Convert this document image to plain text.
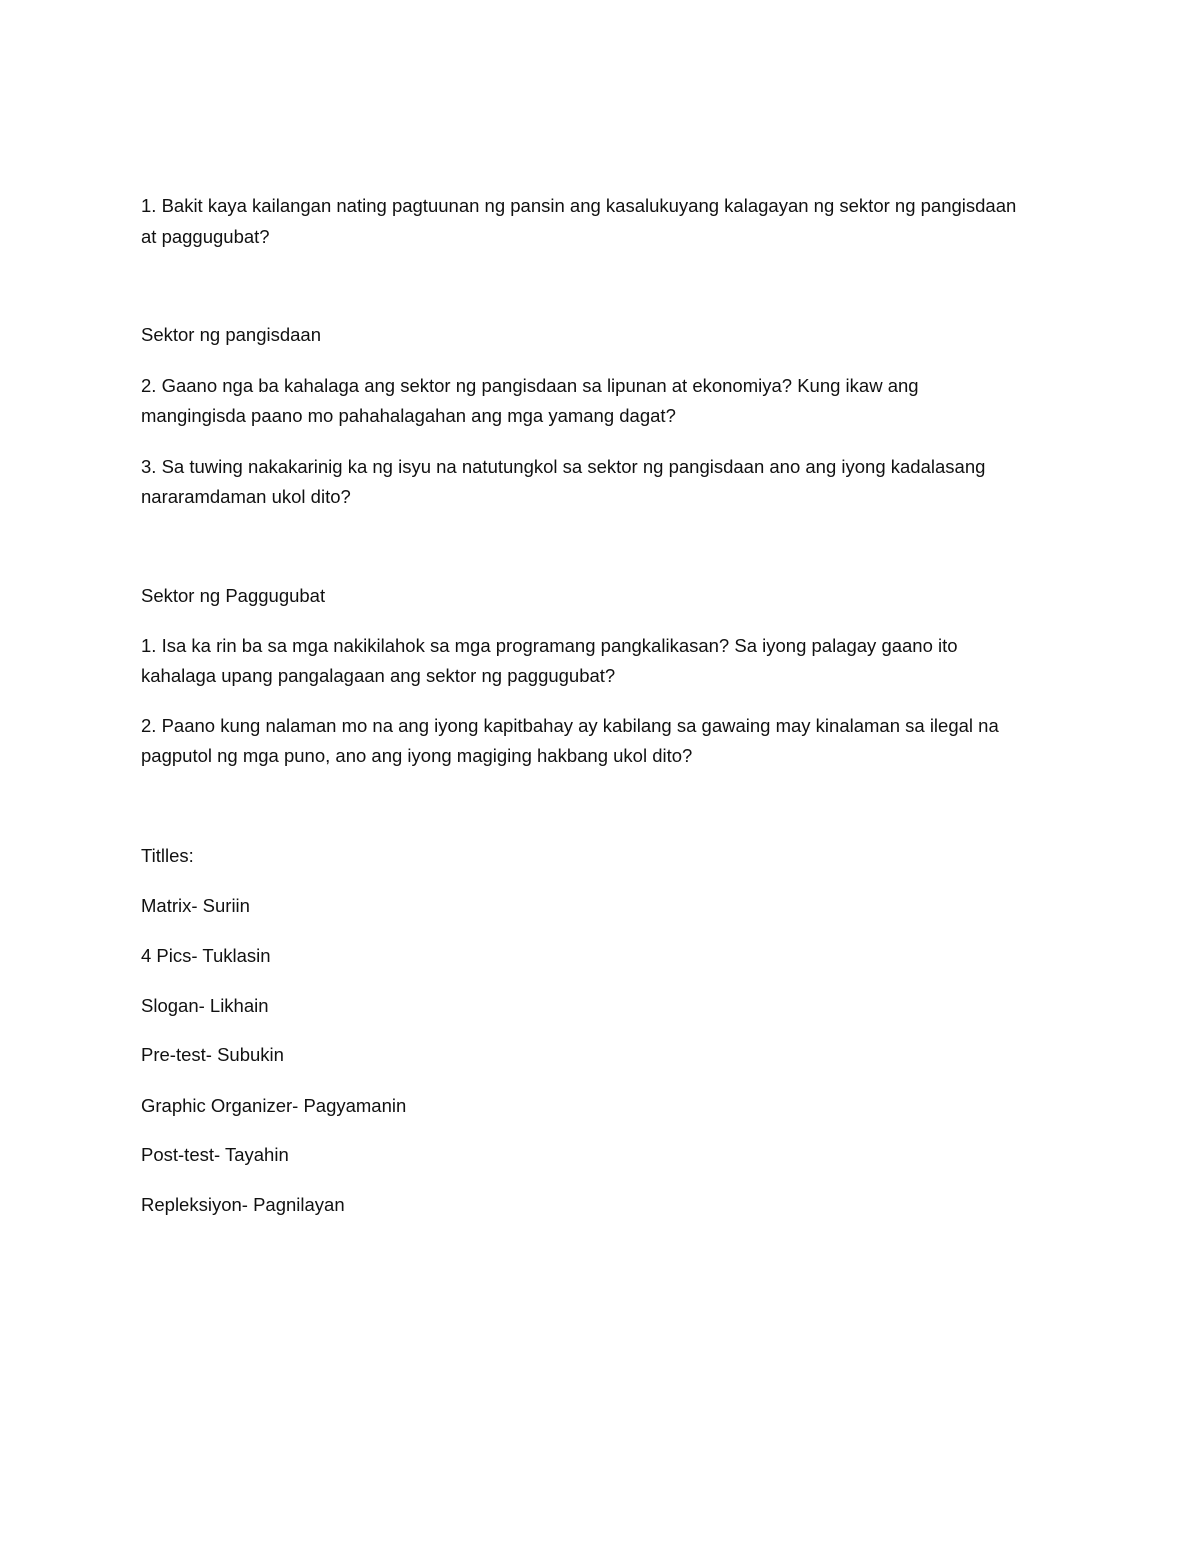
1. Bakit kaya kailangan nating pagtuunan ng pansin ang kasalukuyang kalagayan ng sektor ng pangisdaan
at paggugubat?
Sektor ng pangisdaan
2. Gaano nga ba kahalaga ang sektor ng pangisdaan sa lipunan at ekonomiya? Kung ikaw ang
mangingisda paano mo pahahalagahan ang mga yamang dagat?
3. Sa tuwing nakakarinig ka ng isyu na natutungkol sa sektor ng pangisdaan ano ang iyong kadalasang
nararamdaman ukol dito?
Sektor ng Paggugubat
1. Isa ka rin ba sa mga nakikilahok sa mga programang pangkalikasan? Sa iyong palagay gaano ito
kahalaga upang pangalagaan ang sektor ng paggugubat?
2. Paano kung nalaman mo na ang iyong kapitbahay ay kabilang sa gawaing may kinalaman sa ilegal na
pagputol ng mga puno, ano ang iyong magiging hakbang ukol dito?
Titlles:
Matrix- Suriin
4 Pics- Tuklasin
Slogan- Likhain
Pre-test- Subukin
Graphic Organizer- Pagyamanin
Post-test- Tayahin
Repleksiyon- Pagnilayan
